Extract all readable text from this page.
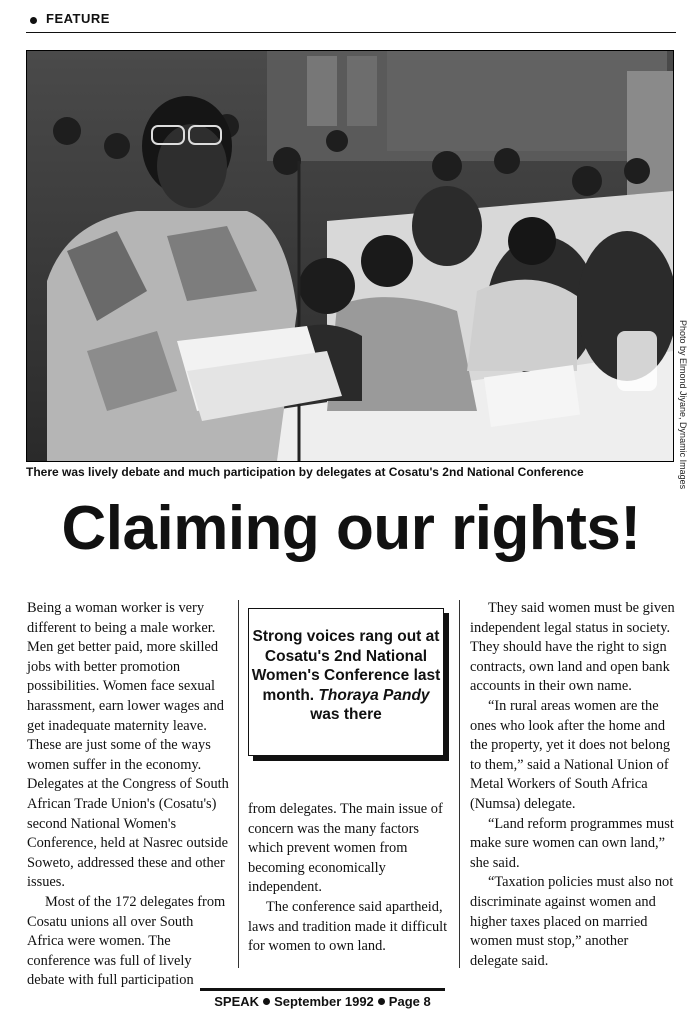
FEATURE
Photo by Elmond Jiyane, Dynamic Images
There was lively debate and much participation by delegates at Cosatu's 2nd National Conference
Claiming our rights!

Being a woman worker is very different to being a male worker. Men get better paid, more skilled jobs with better promotion possibilities. Women face sexual harassment, earn lower wages and get inadequate maternity leave. These are just some of the ways women suffer in the economy. Delegates at the Congress of South African Trade Union's (Cosatu's) second National Women's Conference, held at Nasrec outside Soweto, addressed these and other issues.

Most of the 172 delegates from Cosatu unions all over South Africa were women. The conference was full of lively debate with full participation

Strong voices rang out at Cosatu's 2nd National Women's Conference last month. Thoraya Pandy was there

from delegates. The main issue of concern was the many factors which prevent women from becoming economically independent.

The conference said apartheid, laws and tradition made it difficult for women to own land.

They said women must be given independent legal status in society. They should have the right to sign contracts, own land and open bank accounts in their own name.

“In rural areas women are the ones who look after the home and the property, yet it does not belong to them,” said a National Union of Metal Workers of South Africa (Numsa) delegate.

“Land reform programmes must make sure women can own land,” she said.

“Taxation policies must also not discriminate against women and higher taxes placed on married women must stop,” another delegate said.

SPEAK September 1992 Page 8
